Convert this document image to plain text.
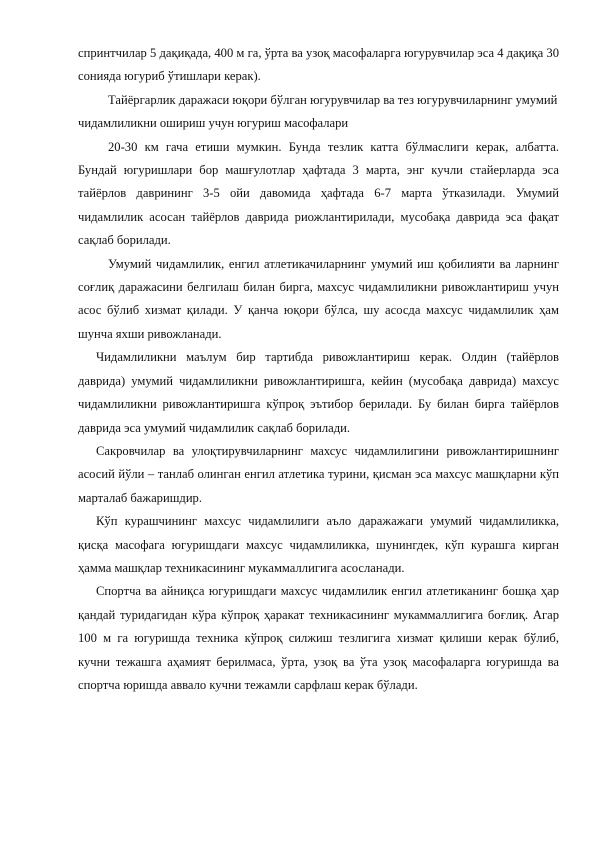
спринтчилар 5 дақиқада, 400 м га, ўрта ва узоқ масофаларга югурувчилар эса 4 дақиқа 30 сонияда югуриб ўтишлари керак).

Тайёргарлик даражаси юқори бўлган югурувчилар ва тез югурувчиларнинг умумий чидамлиликни ошириш учун югуриш масофалари

20-30 км гача етиши мумкин. Бунда тезлик катта бўлмаслиги керак, албатта. Бундай югуришлари бор машғулотлар ҳафтада 3 марта, энг кучли стайерларда эса тайёрлов даврининг 3-5 ойи давомида ҳафтада 6-7 марта ўтказилади. Умумий чидамлилик асосан тайёрлов даврида риожлантирилади, мусобақа даврида эса фақат сақлаб борилади.

Умумий чидамлилик, енгил атлетикачиларнинг умумий иш қобилияти ва ларнинг соғлиқ даражасини белгилаш билан бирга, махсус чидамлиликни ривожлантириш учун асос бўлиб хизмат қилади. У қанча юқори бўлса, шу асосда махсус чидамлилик ҳам шунча яхши ривожланади.

Чидамлиликни маълум бир тартибда ривожлантириш керак. Олдин (тайёрлов даврида) умумий чидамлиликни ривожлантиришга, кейин (мусобақа даврида) махсус чидамлиликни ривожлантиришга кўпроқ эътибор берилади. Бу билан бирга тайёрлов даврида эса умумий чидамлилик сақлаб борилади.

Сакровчилар ва улоқтирувчиларнинг махсус чидамлилигини ривожлантиришнинг асосий йўли – танлаб олинган енгил атлетика турини, қисман эса махсус машқларни кўп марталаб бажаришдир.

Кўп курашчининг махсус чидамлилиги аъло даражажаги умумий чидамлиликка, қисқа масофага югуришдаги махсус чидамлиликка, шунингдек, кўп курашга кирган ҳамма машқлар техникасининг мукаммаллигига асосланади.

Спортча ва айниқса югуришдаги махсус чидамлилик енгил атлетиканинг бошқа ҳар қандай туридагидан кўра кўпроқ ҳаракат техникасининг мукаммаллигига боғлиқ. Агар 100 м га югуришда техника кўпроқ силжиш тезлигига хизмат қилиши керак бўлиб, кучни тежашга аҳамият берилмаса, ўрта, узоқ ва ўта узоқ масофаларга югуришда ва спортча юришда аввало кучни тежамли сарфлаш керак бўлади.
